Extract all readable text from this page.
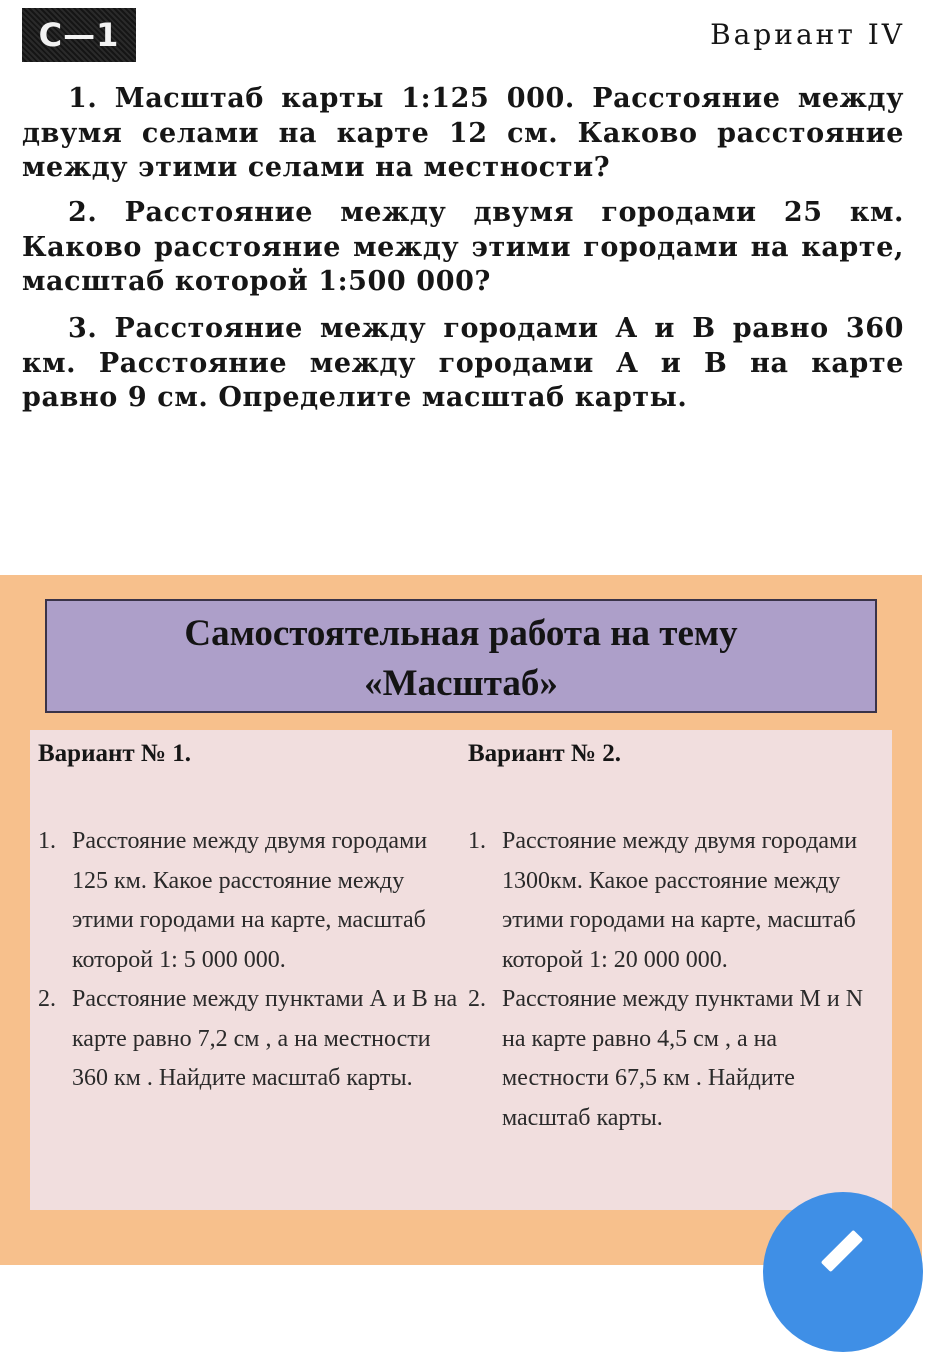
C—1	Вариант IV

1. Масштаб карты 1:125 000. Расстояние между двумя селами на карте 12 см. Каково расстояние между этими селами на местности?

2. Расстояние между двумя городами 25 км. Каково расстояние между этими городами на карте, масштаб которой 1:500 000?

3. Расстояние между городами A и B равно 360 км. Расстояние между городами A и B на карте равно 9 см. Определите масштаб карты.

Самостоятельная работа на тему
«Масштаб»
Вариант № 1.
1. Расстояние между двумя городами 125 км. Какое расстояние между этими городами на карте, масштаб которой 1: 5 000 000.
2. Расстояние между пунктами А и В на карте равно 7,2 см , а на местности 360 км . Найдите масштаб карты.
Вариант № 2.
1. Расстояние между двумя городами 1300км. Какое расстояние между этими городами на карте, масштаб которой 1: 20 000 000.
2. Расстояние между пунктами M и N на карте равно 4,5 см , а на местности 67,5 км . Найдите масштаб карты.
